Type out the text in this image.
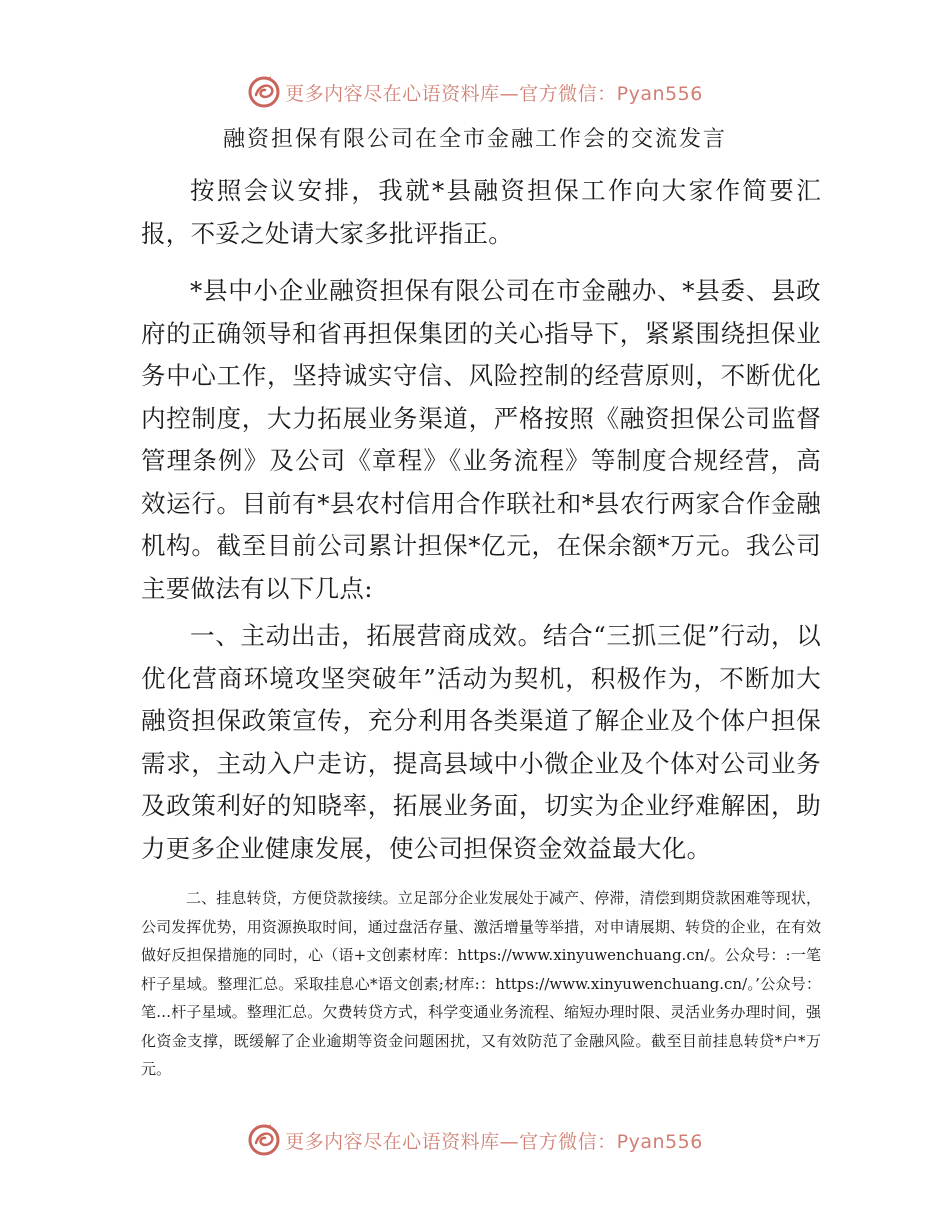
更多内容尽在心语资料库—官方微信：Pyan556
融资担保有限公司在全市金融工作会的交流发言

按照会议安排，我就*县融资担保工作向大家作简要汇报，不妥之处请大家多批评指正。

*县中小企业融资担保有限公司在市金融办、*县委、县政府的正确领导和省再担保集团的关心指导下，紧紧围绕担保业务中心工作，坚持诚实守信、风险控制的经营原则，不断优化内控制度，大力拓展业务渠道，严格按照《融资担保公司监督管理条例》及公司《章程》《业务流程》等制度合规经营，高效运行。目前有*县农村信用合作联社和*县农行两家合作金融机构。截至目前公司累计担保*亿元，在保余额*万元。我公司主要做法有以下几点:

一、主动出击，拓展营商成效。结合“三抓三促”行动，以优化营商环境攻坚突破年”活动为契机，积极作为，不断加大融资担保政策宣传，充分利用各类渠道了解企业及个体户担保需求，主动入户走访，提高县域中小微企业及个体对公司业务及政策利好的知晓率，拓展业务面，切实为企业纾难解困，助力更多企业健康发展，使公司担保资金效益最大化。

二、挂息转贷，方便贷款接续。立足部分企业发展处于减产、停滞，清偿到期贷款困难等现状，公司发挥优势，用资源换取时间，通过盘活存量、激活增量等举措，对申请展期、转贷的企业，在有效做好反担保措施的同时，心（语+文创素材库：https://www.xinyuwenchuang.cn/。公众号：:一笔杆子星域。整理汇总。采取挂息心*语文创素;材库:：https://www.xinyuwenchuang.cn/。’公众号：笔…杆子星域。整理汇总。欠费转贷方式，科学变通业务流程、缩短办理时限、灵活业务办理时间，强化资金支撑，既缓解了企业逾期等资金问题困扰，又有效防范了金融风险。截至目前挂息转贷*户*万元。

更多内容尽在心语资料库—官方微信：Pyan556
